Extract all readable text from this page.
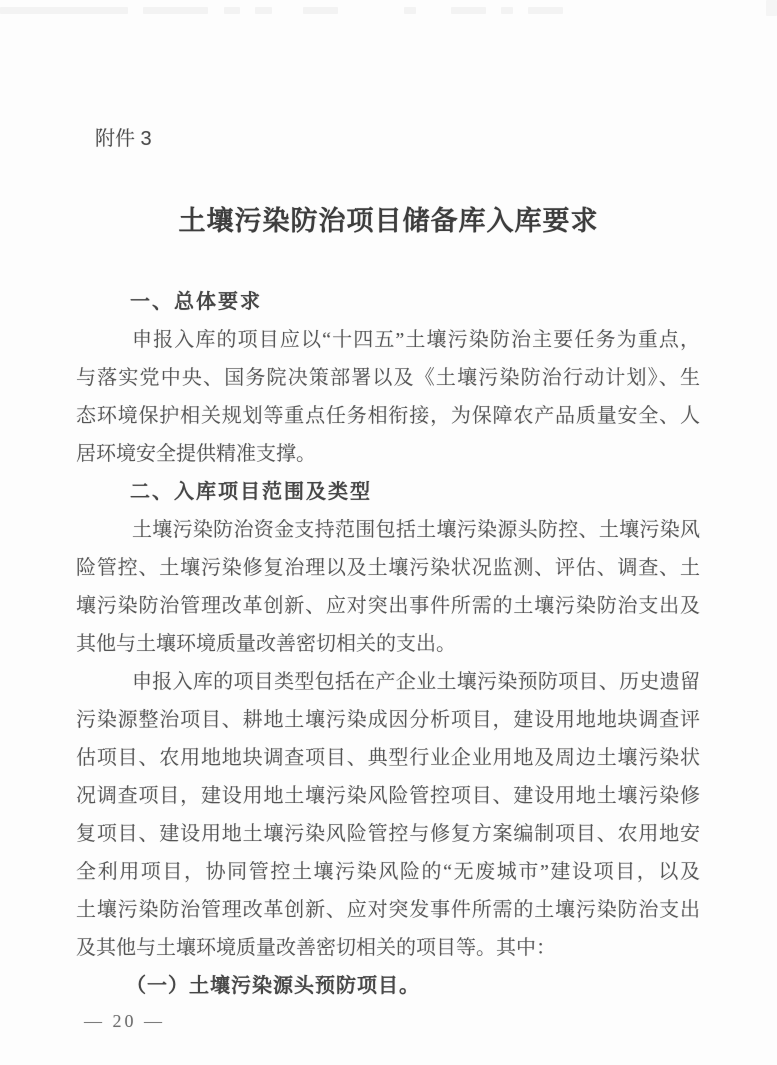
附件 3
土壤污染防治项目储备库入库要求
一、总体要求
申报入库的项目应以“十四五”土壤污染防治主要任务为重点，
与落实党中央、国务院决策部署以及《土壤污染防治行动计划》、生
态环境保护相关规划等重点任务相衔接，为保障农产品质量安全、人
居环境安全提供精准支撑。
二、入库项目范围及类型
土壤污染防治资金支持范围包括土壤污染源头防控、土壤污染风
险管控、土壤污染修复治理以及土壤污染状况监测、评估、调查、土
壤污染防治管理改革创新、应对突出事件所需的土壤污染防治支出及
其他与土壤环境质量改善密切相关的支出。
申报入库的项目类型包括在产企业土壤污染预防项目、历史遗留
污染源整治项目、耕地土壤污染成因分析项目，建设用地地块调查评
估项目、农用地地块调查项目、典型行业企业用地及周边土壤污染状
况调查项目，建设用地土壤污染风险管控项目、建设用地土壤污染修
复项目、建设用地土壤污染风险管控与修复方案编制项目、农用地安
全利用项目，协同管控土壤污染风险的“无废城市”建设项目，以及
土壤污染防治管理改革创新、应对突发事件所需的土壤污染防治支出
及其他与土壤环境质量改善密切相关的项目等。其中：
（一）土壤污染源头预防项目。
— 20 —
